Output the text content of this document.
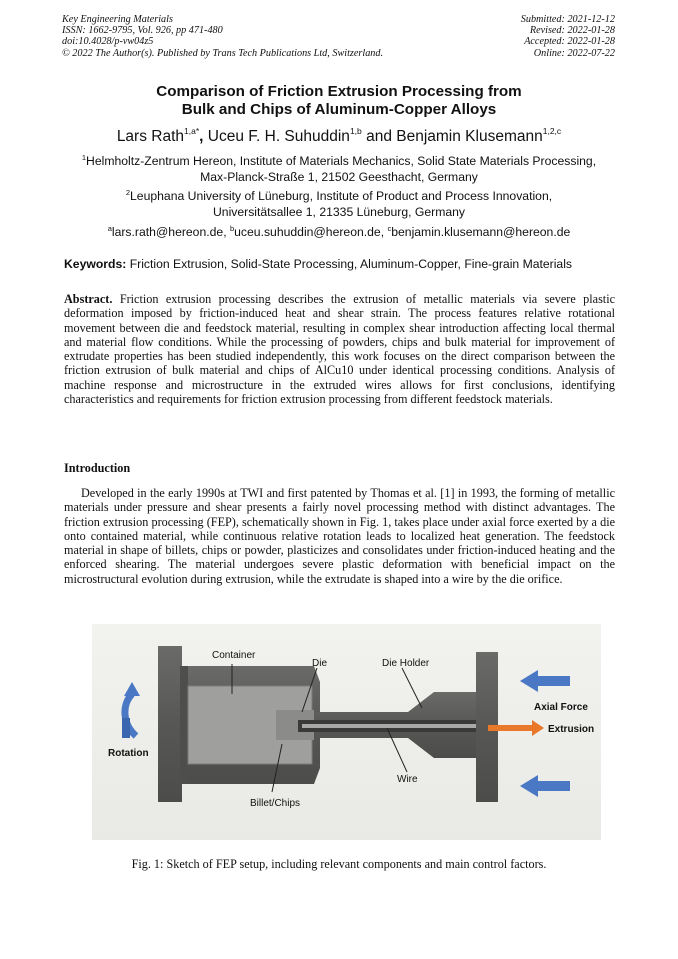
Key Engineering Materials
ISSN: 1662-9795, Vol. 926, pp 471-480
doi:10.4028/p-vw04z5
© 2022 The Author(s). Published by Trans Tech Publications Ltd, Switzerland.
Submitted: 2021-12-12
Revised: 2022-01-28
Accepted: 2022-01-28
Online: 2022-07-22
Comparison of Friction Extrusion Processing from
Bulk and Chips of Aluminum-Copper Alloys
Lars Rath$^{1,a*}$, Uceu F. H. Suhuddin$^{1,b}$ and Benjamin Klusemann$^{1,2,c}$
$^1$Helmholtz-Zentrum Hereon, Institute of Materials Mechanics, Solid State Materials Processing,
Max-Planck-Straße 1, 21502 Geesthacht, Germany
$^2$Leuphana University of Lüneburg, Institute of Product and Process Innovation,
Universitätsallee 1, 21335 Lüneburg, Germany
$^a$lars.rath@hereon.de, $^b$uceu.suhuddin@hereon.de, $^c$benjamin.klusemann@hereon.de
Keywords: Friction Extrusion, Solid-State Processing, Aluminum-Copper, Fine-grain Materials
Abstract. Friction extrusion processing describes the extrusion of metallic materials via severe plastic deformation imposed by friction-induced heat and shear strain. The process features relative rotational movement between die and feedstock material, resulting in complex shear introduction affecting local thermal and material flow conditions. While the processing of powders, chips and bulk material for improvement of extrudate properties has been studied independently, this work focuses on the direct comparison between the friction extrusion of bulk material and chips of AlCu10 under identical processing conditions. Analysis of machine response and microstructure in the extruded wires allows for first conclusions, identifying characteristics and requirements for friction extrusion processing from different feedstock materials.
Introduction
Developed in the early 1990s at TWI and first patented by Thomas et al. [1] in 1993, the forming of metallic materials under pressure and shear presents a fairly novel processing method with distinct advantages. The friction extrusion processing (FEP), schematically shown in Fig. 1, takes place under axial force exerted by a die onto contained material, while continuous relative rotation leads to localized heat generation. The feedstock material in shape of billets, chips or powder, plasticizes and consolidates under friction-induced heating and the enforced shearing. The material undergoes severe plastic deformation with beneficial impact on the microstructural evolution during extrusion, while the extrudate is shaped into a wire by the die orifice.
Container
Die	Die Holder
Axial Force
Extrusion
Rotation
Wire
Billet/Chips
Fig. 1: Sketch of FEP setup, including relevant components and main control factors.
